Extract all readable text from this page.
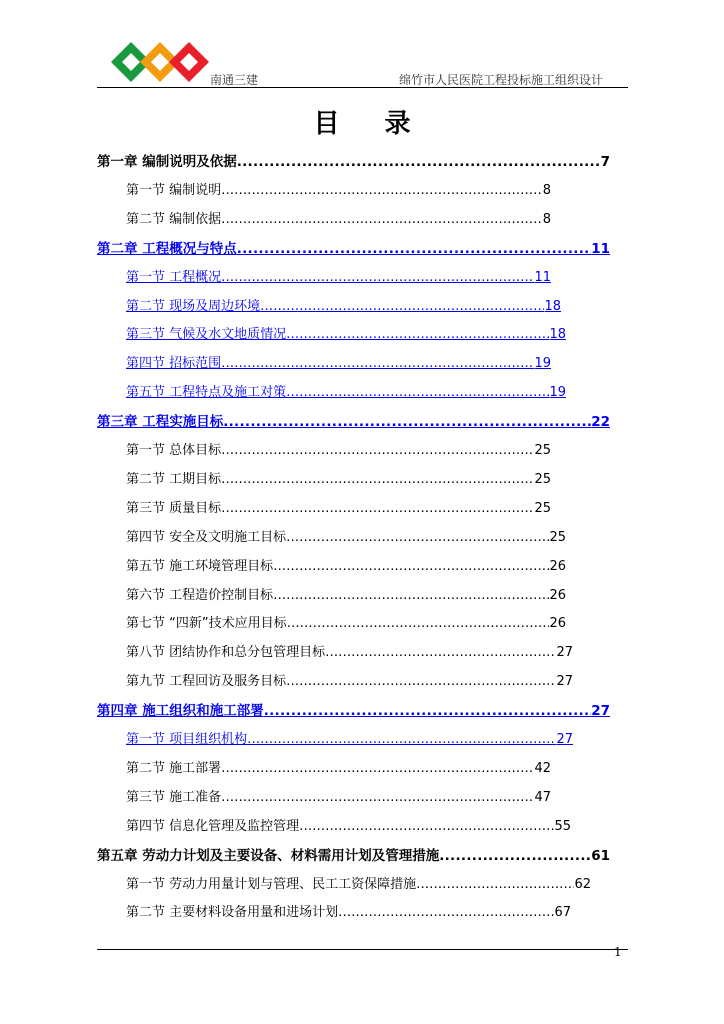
南通三建	绵竹市人民医院工程投标施工组织设计
目 录
第一章 编制说明及依据 .....	7
第一节 编制说明 ………………………………………………………………………………………………………………………………………………	8
第二节 编制依据 ………………………………………………………………………………………………………………………………………………	8
第二章 工程概况与特点 .....	11
第一节 工程概况 ………………………………………………………………………………………………………………………………………………	11
第二节 现场及周边环境 ………………………………………………………………………………………………………………………………………………	18
第三节 气候及水文地质情况 ………………………………………………………………………………………………………………………………………………	18
第四节 招标范围 ………………………………………………………………………………………………………………………………………………	19
第五节 工程特点及施工对策 ………………………………………………………………………………………………………………………………………………	19
第三章 工程实施目标 .....	22
第一节 总体目标 ………………………………………………………………………………………………………………………………………………	25
第二节 工期目标 ………………………………………………………………………………………………………………………………………………	25
第三节 质量目标 ………………………………………………………………………………………………………………………………………………	25
第四节 安全及文明施工目标 ………………………………………………………………………………………………………………………………………………	25
第五节 施工环境管理目标 ………………………………………………………………………………………………………………………………………………	26
第六节 工程造价控制目标 ………………………………………………………………………………………………………………………………………………	26
第七节 “四新”技术应用目标 ………………………………………………………………………………………………………………………………………………	26
第八节 团结协作和总分包管理目标 ………………………………………………………………………………………………………………………………………………	27
第九节 工程回访及服务目标 ………………………………………………………………………………………………………………………………………………	27
第四章 施工组织和施工部署 .....	27
第一节 项目组织机构 ………………………………………………………………………………………………………………………………………………	27
第二节 施工部署 ………………………………………………………………………………………………………………………………………………	42
第三节 施工准备 ………………………………………………………………………………………………………………………………………………	47
第四节 信息化管理及监控管理 ………………………………………………………………………………………………………………………………………………	55
第五章 劳动力计划及主要设备、材料需用计划及管理措施 .....	61
第一节 劳动力用量计划与管理、民工工资保障措施 ………………………………………………………………………………………………………………………………………………	62
第二节 主要材料设备用量和进场计划 ………………………………………………………………………………………………………………………………………………	67
1
